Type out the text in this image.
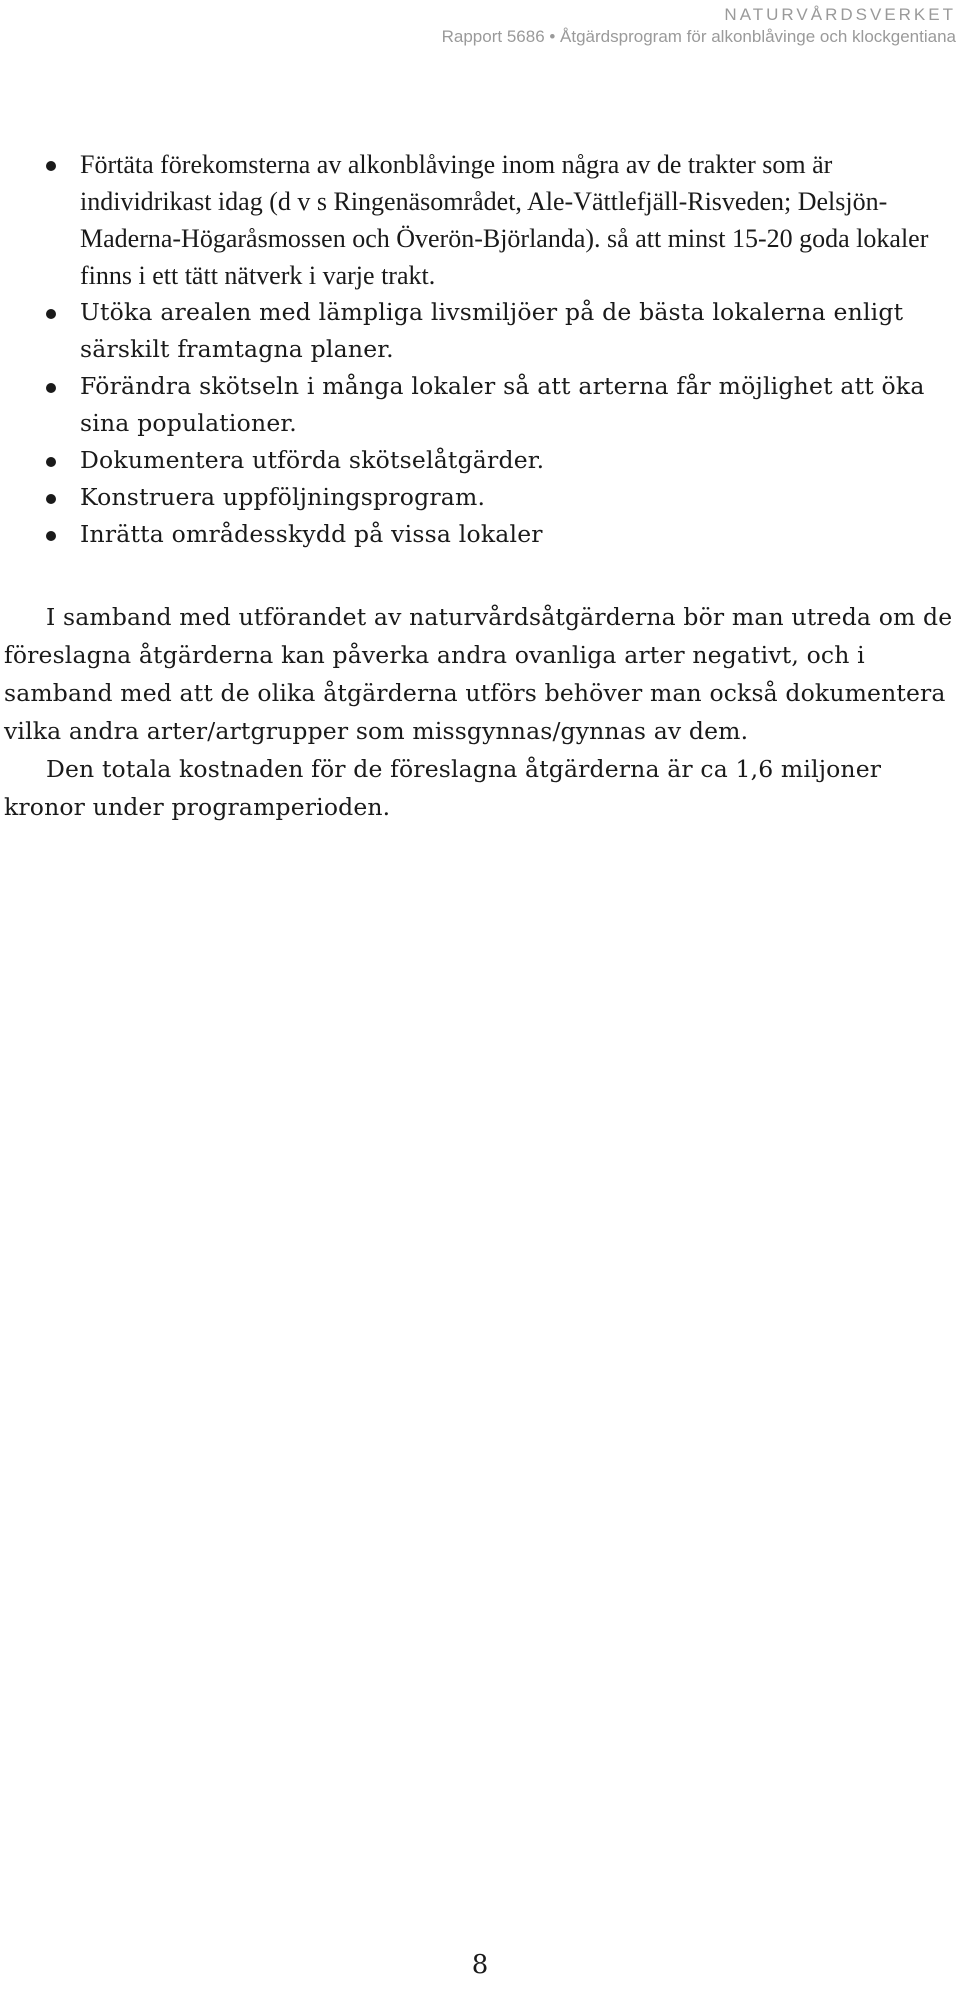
NATURVÅRDSVERKET
Rapport 5686 • Åtgärdsprogram för alkonblåvinge och klockgentiana
Förtäta förekomsterna av alkonblåvinge inom några av de trakter som är individrikast idag (d v s Ringenäsområdet, Ale-Vättlefjäll-Risveden; Delsjön-Maderna-Högaråsmossen och Överön-Björlanda). så att minst 15-20 goda lokaler finns i ett tätt nätverk i varje trakt.
Utöka arealen med lämpliga livsmiljöer på de bästa lokalerna enligt särskilt framtagna planer.
Förändra skötseln i många lokaler så att arterna får möjlighet att öka sina populationer.
Dokumentera utförda skötselåtgärder.
Konstruera uppföljningsprogram.
Inrätta områdesskydd på vissa lokaler

I samband med utförandet av naturvårdsåtgärderna bör man utreda om de föreslagna åtgärderna kan påverka andra ovanliga arter negativt, och i samband med att de olika åtgärderna utförs behöver man också dokumentera vilka andra arter/artgrupper som missgynnas/gynnas av dem.

Den totala kostnaden för de föreslagna åtgärderna är ca 1,6 miljoner kronor under programperioden.

8
